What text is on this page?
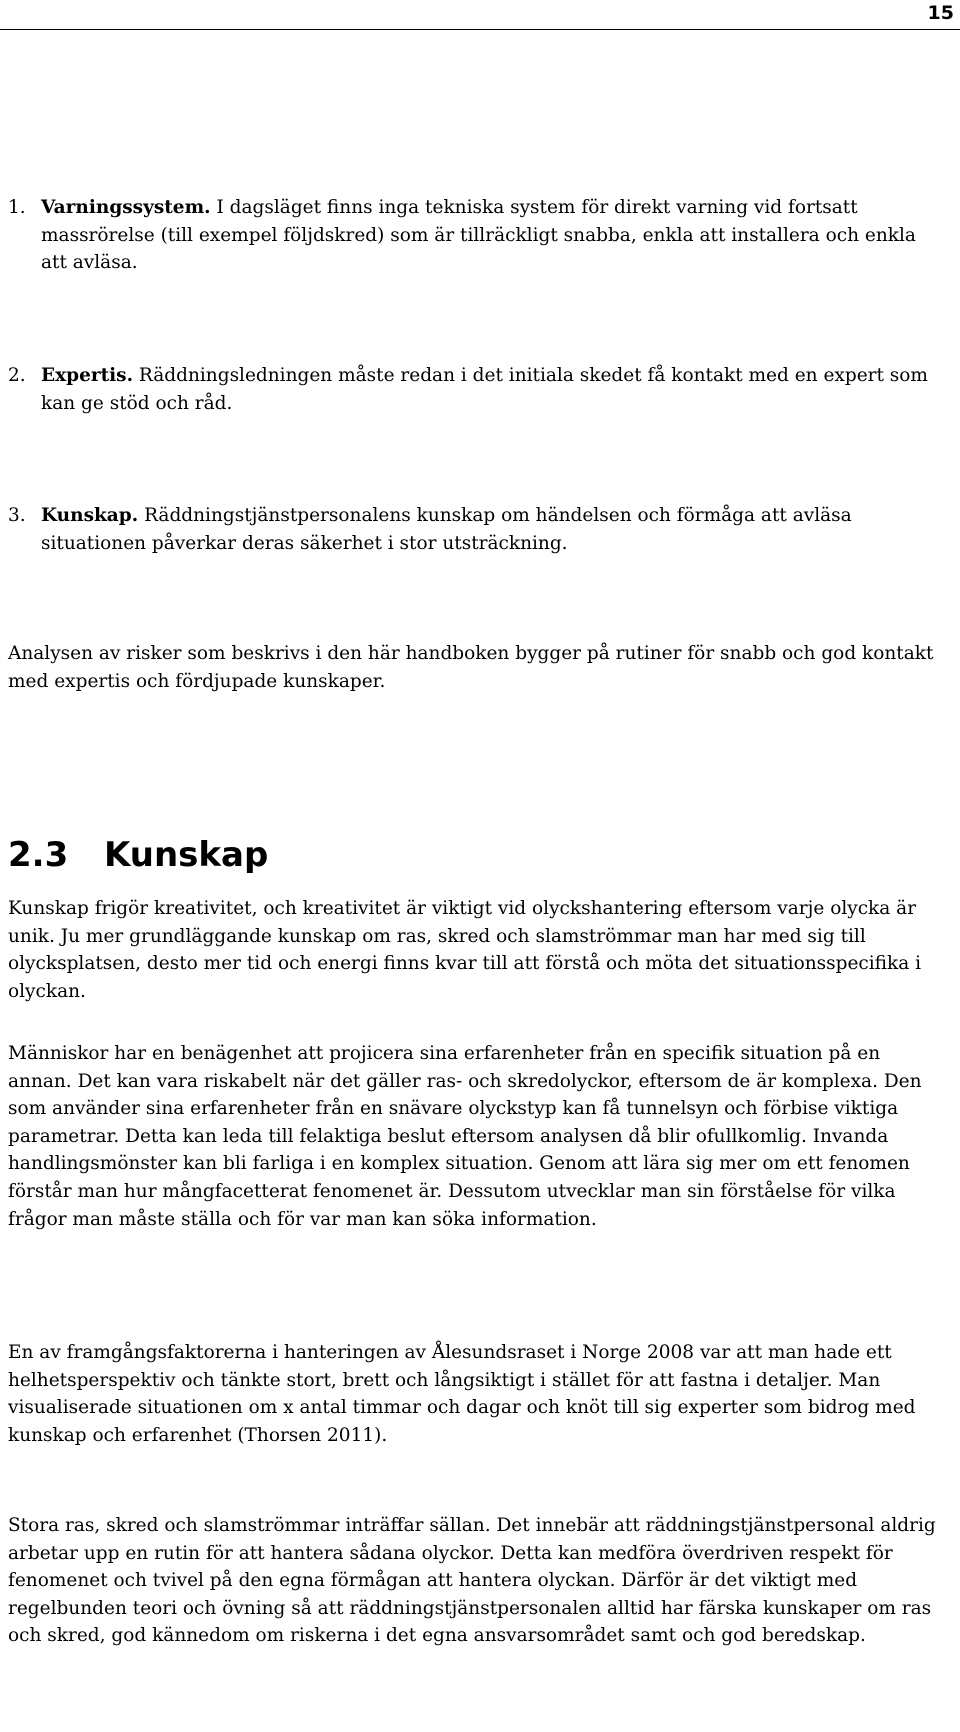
15
1. Varningssystem. I dagsläget finns inga tekniska system för direkt varning vid fortsatt massrörelse (till exempel följdskred) som är tillräckligt snabba, enkla att installera och enkla att avläsa.
2. Expertis. Räddningsledningen måste redan i det initiala skedet få kontakt med en expert som kan ge stöd och råd.
3. Kunskap. Räddningstjänstpersonalens kunskap om händelsen och förmåga att avläsa situationen påverkar deras säkerhet i stor utsträckning.

Analysen av risker som beskrivs i den här handboken bygger på rutiner för snabb och god kontakt med expertis och fördjupade kunskaper.

2.3 Kunskap

Kunskap frigör kreativitet, och kreativitet är viktigt vid olyckshantering eftersom varje olycka är unik. Ju mer grundläggande kunskap om ras, skred och slamströmmar man har med sig till olycksplatsen, desto mer tid och energi finns kvar till att förstå och möta det situationsspecifika i olyckan.

Människor har en benägenhet att projicera sina erfarenheter från en specifik situation på en annan. Det kan vara riskabelt när det gäller ras- och skredolyckor, eftersom de är komplexa. Den som använder sina erfarenheter från en snävare olyckstyp kan få tunnelsyn och förbise viktiga parametrar. Detta kan leda till felaktiga beslut eftersom analysen då blir ofullkomlig. Invanda handlingsmönster kan bli farliga i en komplex situation. Genom att lära sig mer om ett fenomen förstår man hur mångfacetterat fenomenet är. Dessutom utvecklar man sin förståelse för vilka frågor man måste ställa och för var man kan söka information.

En av framgångsfaktorerna i hanteringen av Ålesundsraset i Norge 2008 var att man hade ett helhetsperspektiv och tänkte stort, brett och långsiktigt i stället för att fastna i detaljer. Man visualiserade situationen om x antal timmar och dagar och knöt till sig experter som bidrog med kunskap och erfarenhet (Thorsen 2011).

Stora ras, skred och slamströmmar inträffar sällan. Det innebär att räddningstjänstpersonal aldrig arbetar upp en rutin för att hantera sådana olyckor. Detta kan medföra överdriven respekt för fenomenet och tvivel på den egna förmågan att hantera olyckan. Därför är det viktigt med regelbunden teori och övning så att räddningstjänstpersonalen alltid har färska kunskaper om ras och skred, god kännedom om riskerna i det egna ansvarsområdet samt och god beredskap.
